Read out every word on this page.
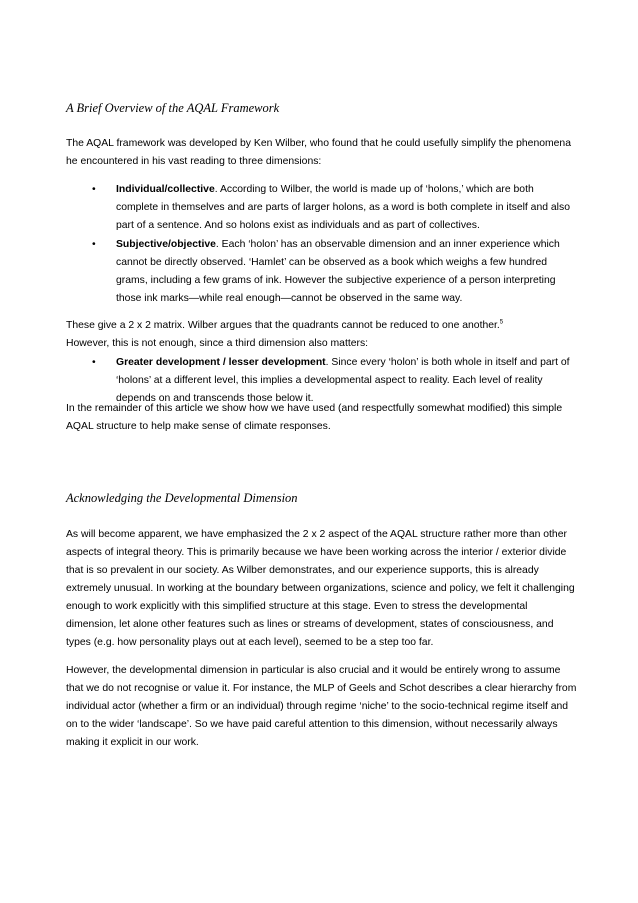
A Brief Overview of the AQAL Framework

The AQAL framework was developed by Ken Wilber, who found that he could usefully simplify the phenomena he encountered in his vast reading to three dimensions:

• Individual/collective. According to Wilber, the world is made up of ‘holons,’ which are both complete in themselves and are parts of larger holons, as a word is both complete in itself and also part of a sentence. And so holons exist as individuals and as part of collectives.
• Subjective/objective. Each ‘holon’ has an observable dimension and an inner experience which cannot be directly observed. ‘Hamlet’ can be observed as a book which weighs a few hundred grams, including a few grams of ink. However the subjective experience of a person interpreting those ink marks—while real enough—cannot be observed in the same way.

These give a 2 x 2 matrix. Wilber argues that the quadrants cannot be reduced to one another.$^5$
However, this is not enough, since a third dimension also matters:

• Greater development / lesser development. Since every ‘holon’ is both whole in itself and part of ‘holons’ at a different level, this implies a developmental aspect to reality. Each level of reality depends on and transcends those below it.

In the remainder of this article we show how we have used (and respectfully somewhat modified) this simple AQAL structure to help make sense of climate responses.

Acknowledging the Developmental Dimension

As will become apparent, we have emphasized the 2 x 2 aspect of the AQAL structure rather more than other aspects of integral theory. This is primarily because we have been working across the interior / exterior divide that is so prevalent in our society. As Wilber demonstrates, and our experience supports, this is already extremely unusual. In working at the boundary between organizations, science and policy, we felt it challenging enough to work explicitly with this simplified structure at this stage. Even to stress the developmental dimension, let alone other features such as lines or streams of development, states of consciousness, and types (e.g. how personality plays out at each level), seemed to be a step too far.

However, the developmental dimension in particular is also crucial and it would be entirely wrong to assume that we do not recognise or value it. For instance, the MLP of Geels and Schot describes a clear hierarchy from individual actor (whether a firm or an individual) through regime ‘niche’ to the socio-technical regime itself and on to the wider ‘landscape’. So we have paid careful attention to this dimension, without necessarily always making it explicit in our work.
